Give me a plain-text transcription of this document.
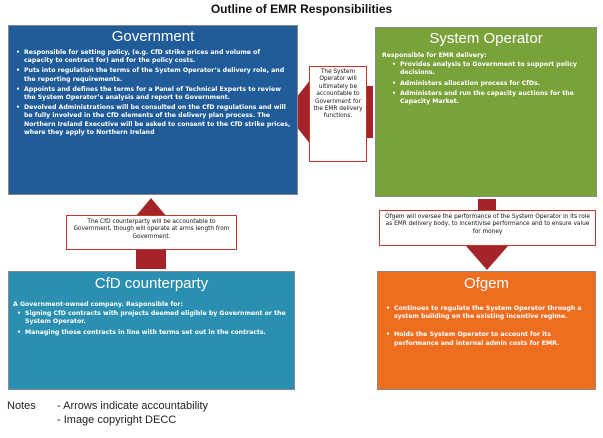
Outline of EMR Responsibilities
Government
• Responsible for setting policy, (e.g. CfD strike prices and volume of capacity to contract for) and for the policy costs.
• Puts into regulation the terms of the System Operator’s delivery role, and the reporting requirements.
• Appoints and defines the terms for a Panel of Technical Experts to review the System Operator’s analysis and report to Government.
• Devolved Administrations will be consulted on the CfD regulations and will be fully involved in the CfD elements of the delivery plan process. The Northern Ireland Executive will be asked to consent to the CfD strike prices, where they apply to Northern Ireland
System Operator
Responsible for EMR delivery:
• Provides analysis to Government to support policy decisions.
• Administers allocation process for CfDs.
• Administers and run the capacity auctions for the Capacity Market.
CfD counterparty
A Government-owned company. Responsible for:
• Signing CfD contracts with projects deemed eligible by Government or the System Operator.
• Managing those contracts in line with terms set out in the contracts.
Ofgem
• Continues to regulate the System Operator through a system building on the existing incentive regime.
• Holds the System Operator to account for its performance and internal admin costs for EMR.
The System Operator will ultimately be accountable to Government for the EMR delivery functions.
The CfD counterparty will be accountable to Government, though will operate at arms length from Government.
Ofgem will oversee the performance of the System Operator in its role as EMR delivery body, to incentivise performance and to ensure value for money
Notes - Arrows indicate accountability
- Image copyright DECC
